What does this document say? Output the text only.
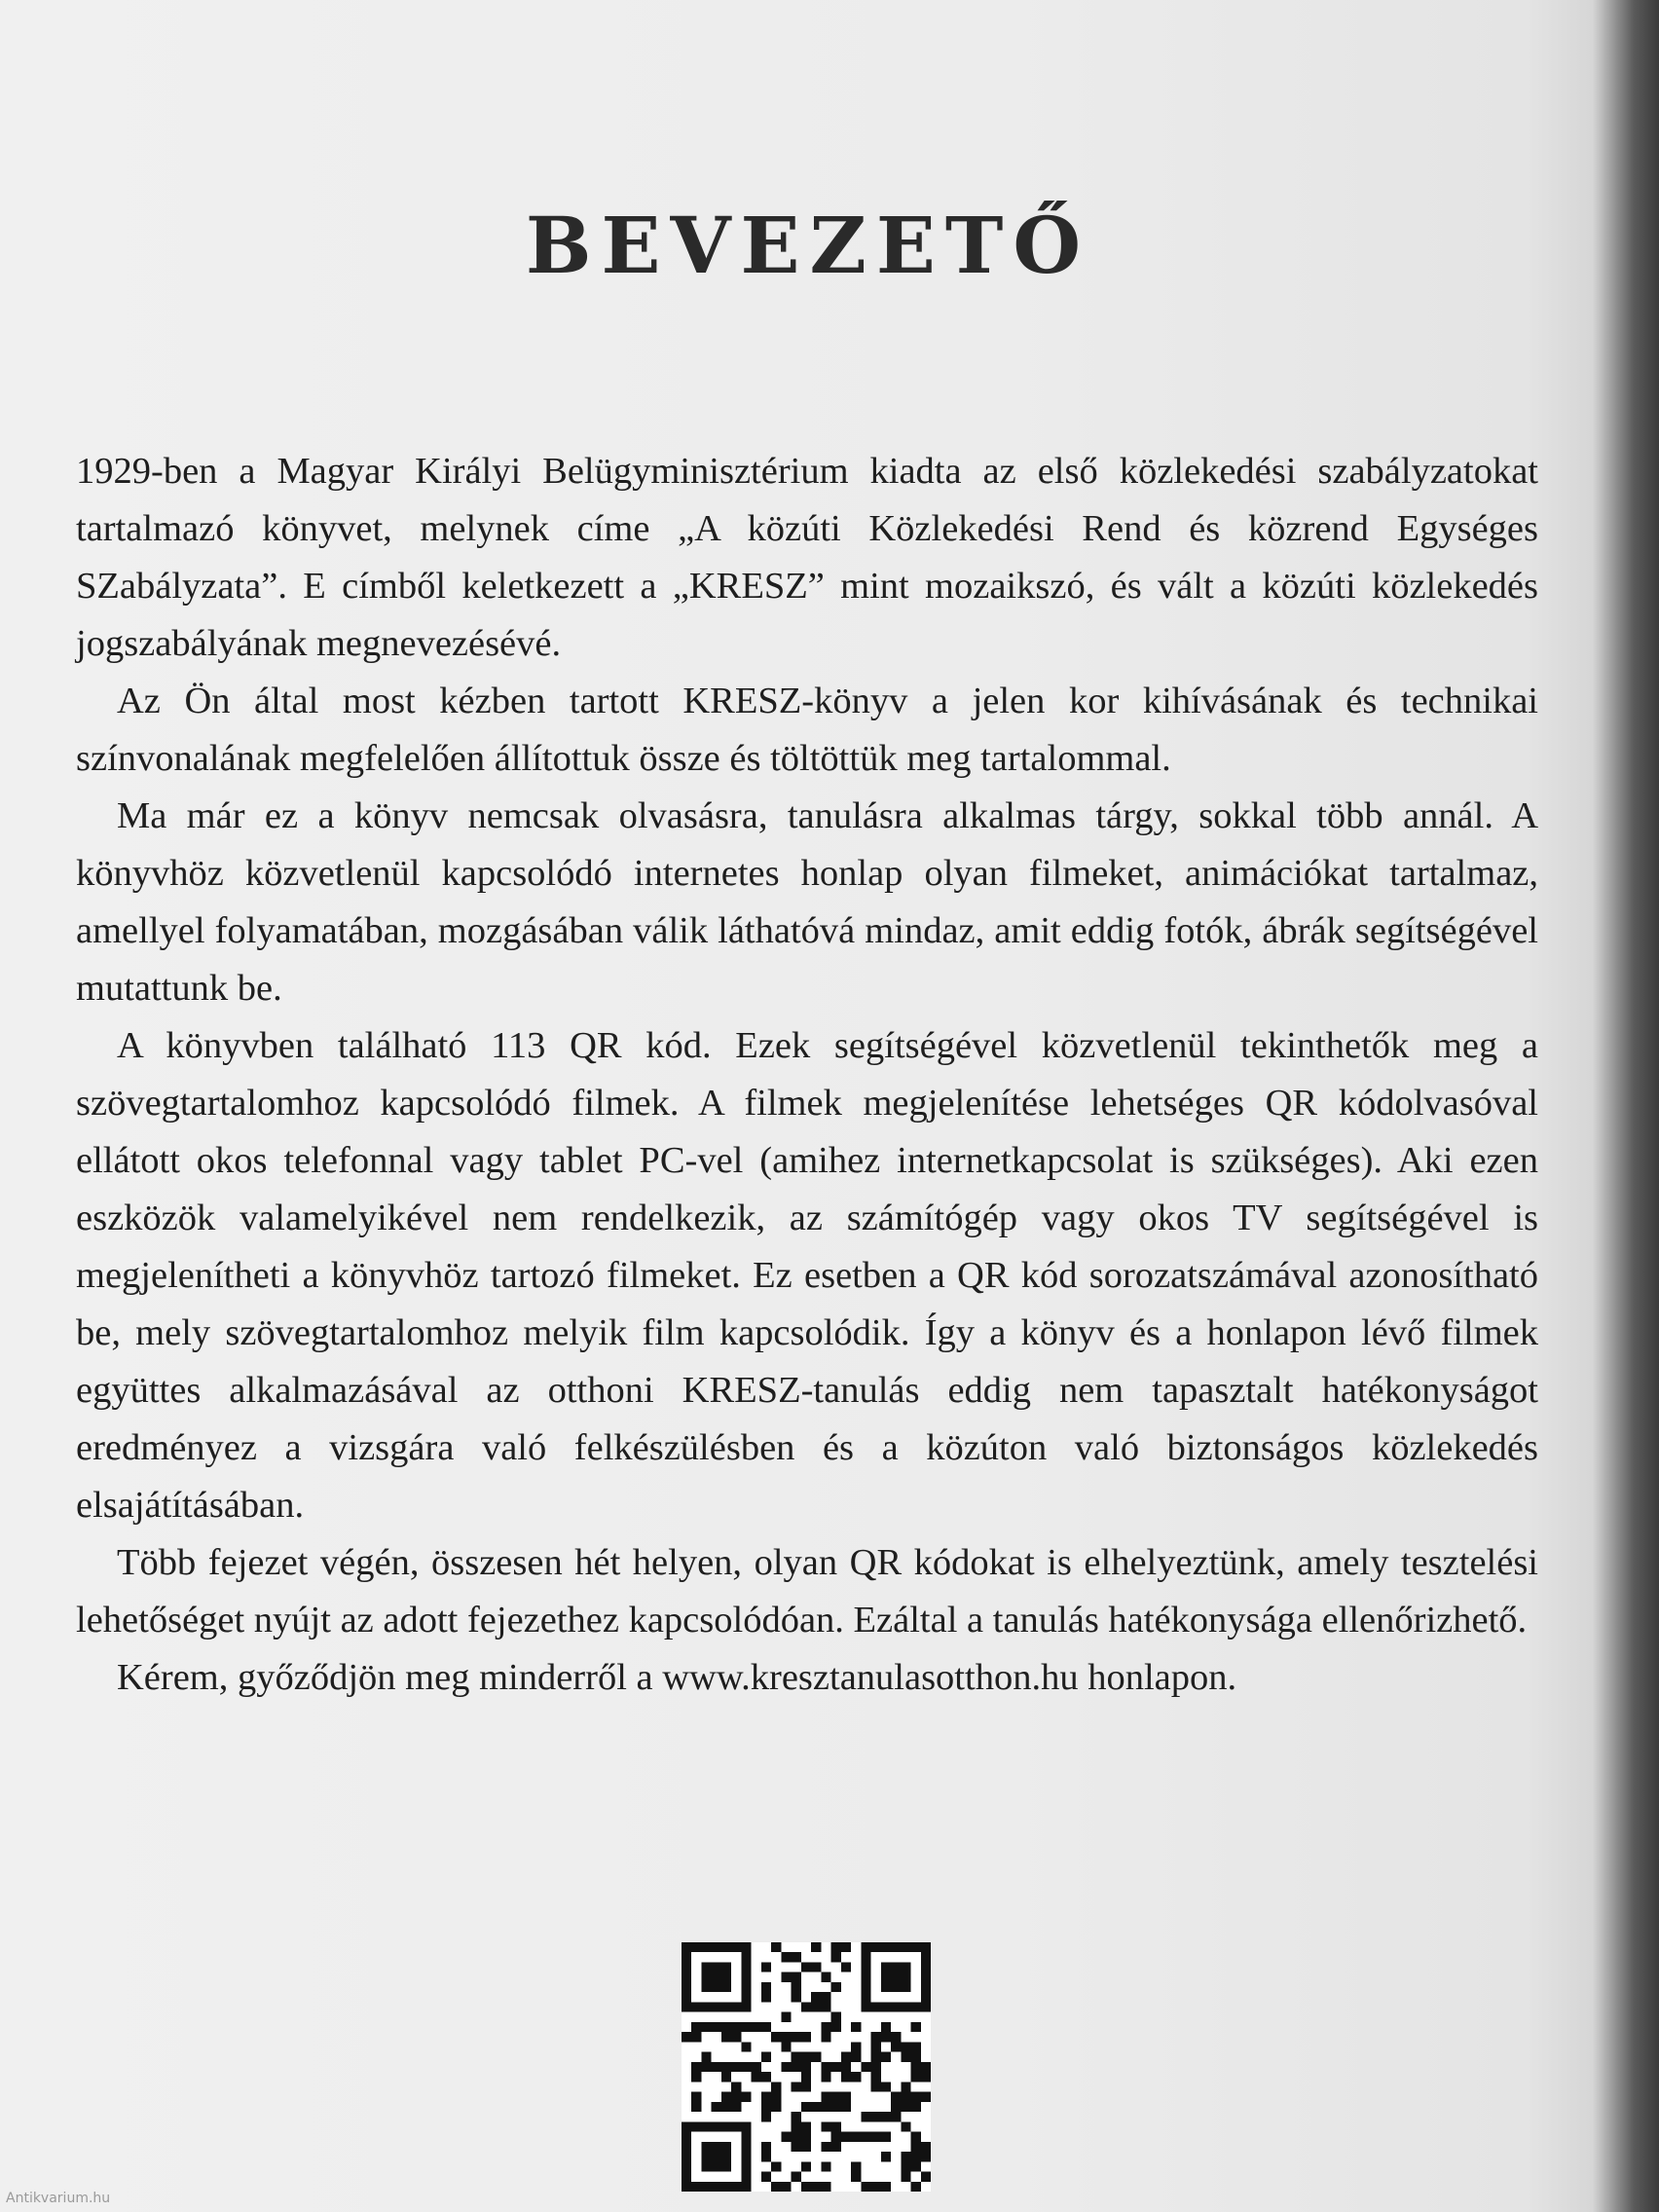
BEVEZETŐ

1929-ben a Magyar Királyi Belügyminisztérium kiadta az első közlekedési szabályzatokat tartalmazó könyvet, melynek címe „A közúti Közlekedési Rend és közrend Egységes SZabályzata”. E címből keletkezett a „KRESZ” mint mozaikszó, és vált a közúti közlekedés jogszabályának megnevezésévé.

Az Ön által most kézben tartott KRESZ-könyv a jelen kor kihívásának és technikai színvonalának megfelelően állítottuk össze és töltöttük meg tartalommal.

Ma már ez a könyv nemcsak olvasásra, tanulásra alkalmas tárgy, sokkal több annál. A könyvhöz közvetlenül kapcsolódó internetes honlap olyan filmeket, animációkat tartalmaz, amellyel folyamatában, mozgásában válik láthatóvá mindaz, amit eddig fotók, ábrák segítségével mutattunk be.

A könyvben található 113 QR kód. Ezek segítségével közvetlenül tekinthetők meg a szövegtartalomhoz kapcsolódó filmek. A filmek megjelenítése lehetséges QR kódolvasóval ellátott okos telefonnal vagy tablet PC-vel (amihez internetkapcsolat is szükséges). Aki ezen eszközök valamelyikével nem rendelkezik, az számítógép vagy okos TV segítségével is megjelenítheti a könyvhöz tartozó filmeket. Ez esetben a QR kód sorozatszámával azonosítható be, mely szövegtartalomhoz melyik film kapcsolódik. Így a könyv és a honlapon lévő filmek együttes alkalmazásával az otthoni KRESZ-tanulás eddig nem tapasztalt hatékonyságot eredményez a vizsgára való felkészülésben és a közúton való biztonságos közlekedés elsajátításában.

Több fejezet végén, összesen hét helyen, olyan QR kódokat is elhelyeztünk, amely tesztelési lehetőséget nyújt az adott fejezethez kapcsolódóan. Ezáltal a tanulás hatékonysága ellenőrizhető.

Kérem, győződjön meg minderről a www.kresztanulasotthon.hu honlapon.

Antikvarium.hu
